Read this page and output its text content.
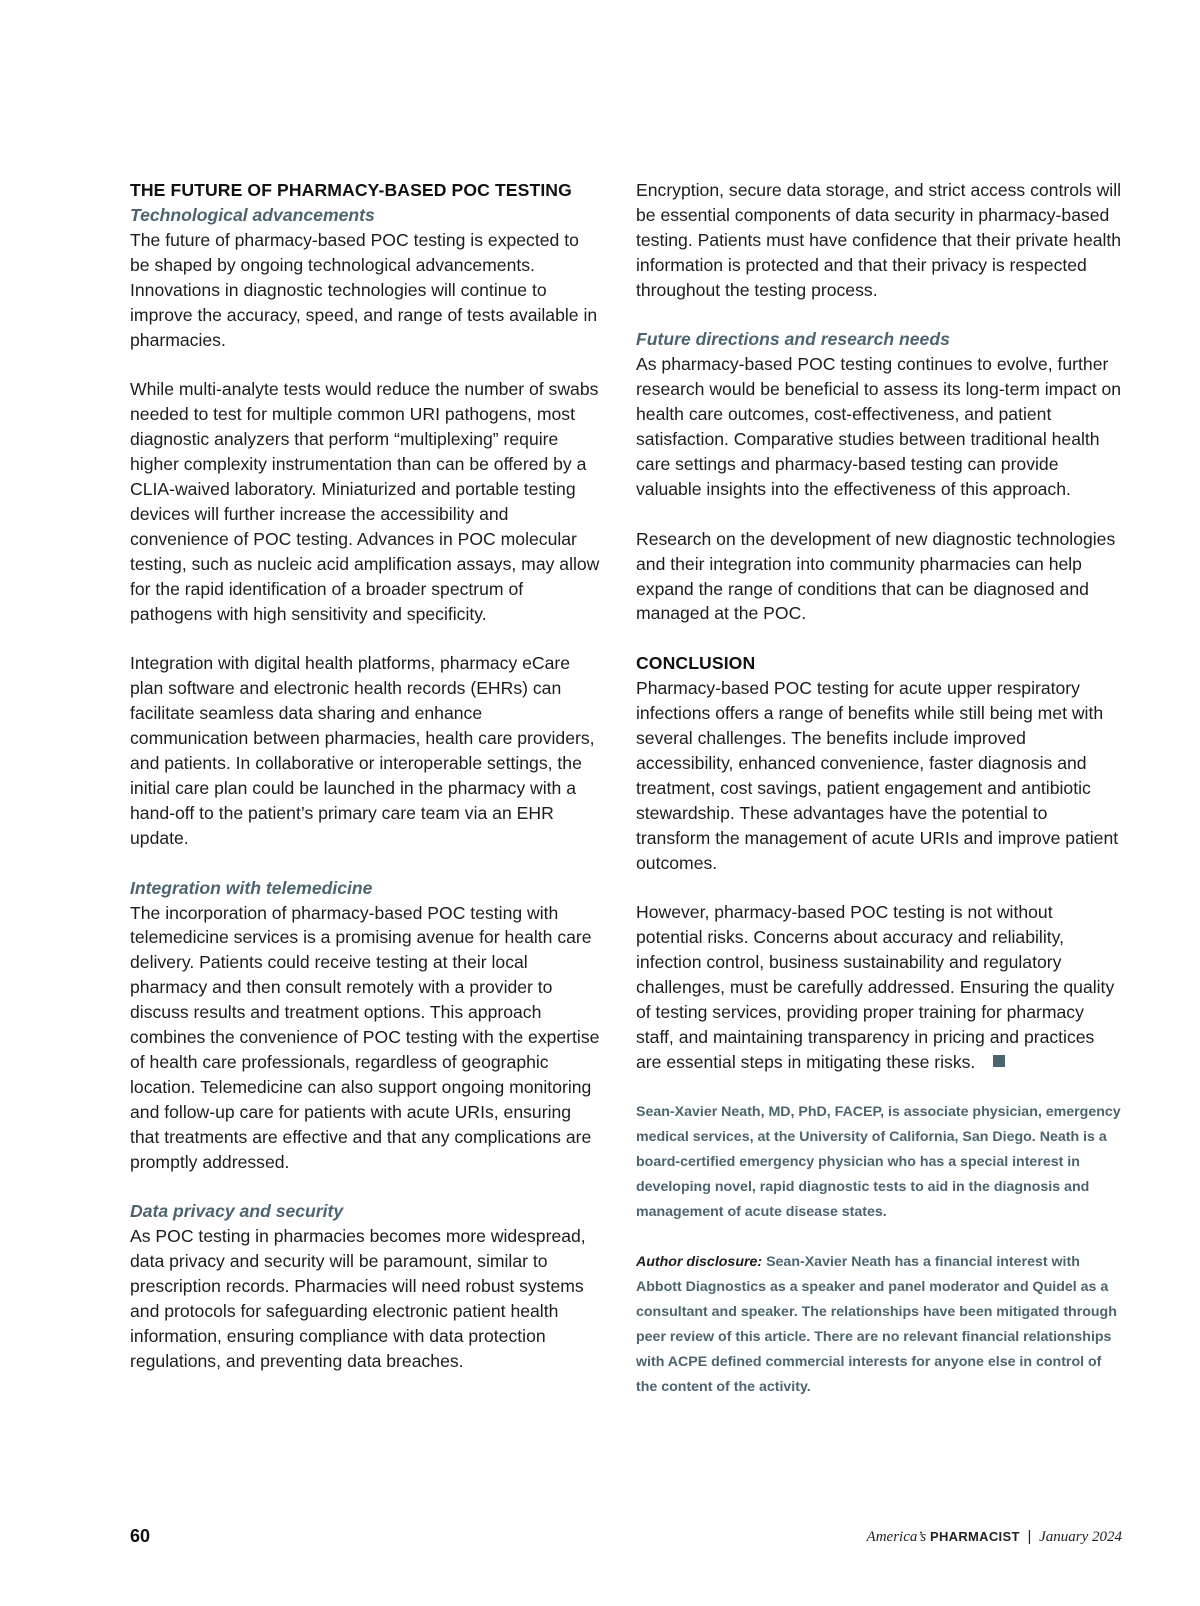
THE FUTURE OF PHARMACY-BASED POC TESTING
Technological advancements

The future of pharmacy-based POC testing is expected to be shaped by ongoing technological advancements. Innovations in diagnostic technologies will continue to improve the accuracy, speed, and range of tests available in pharmacies.

While multi-analyte tests would reduce the number of swabs needed to test for multiple common URI pathogens, most diagnostic analyzers that perform “multiplexing” require higher complexity instrumentation than can be offered by a CLIA-waived laboratory. Miniaturized and portable testing devices will further increase the accessibility and convenience of POC testing. Advances in POC molecular testing, such as nucleic acid amplification assays, may allow for the rapid identification of a broader spectrum of pathogens with high sensitivity and specificity.

Integration with digital health platforms, pharmacy eCare plan software and electronic health records (EHRs) can facilitate seamless data sharing and enhance communication between pharmacies, health care providers, and patients. In collaborative or interoperable settings, the initial care plan could be launched in the pharmacy with a hand-off to the patient’s primary care team via an EHR update.

Integration with telemedicine

The incorporation of pharmacy-based POC testing with telemedicine services is a promising avenue for health care delivery. Patients could receive testing at their local pharmacy and then consult remotely with a provider to discuss results and treatment options. This approach combines the convenience of POC testing with the expertise of health care professionals, regardless of geographic location. Telemedicine can also support ongoing monitoring and follow-up care for patients with acute URIs, ensuring that treatments are effective and that any complications are promptly addressed.

Data privacy and security

As POC testing in pharmacies becomes more widespread, data privacy and security will be paramount, similar to prescription records. Pharmacies will need robust systems and protocols for safeguarding electronic patient health information, ensuring compliance with data protection regulations, and preventing data breaches.

Encryption, secure data storage, and strict access controls will be essential components of data security in pharmacy-based testing. Patients must have confidence that their private health information is protected and that their privacy is respected throughout the testing process.

Future directions and research needs

As pharmacy-based POC testing continues to evolve, further research would be beneficial to assess its long-term impact on health care outcomes, cost-effectiveness, and patient satisfaction. Comparative studies between traditional health care settings and pharmacy-based testing can provide valuable insights into the effectiveness of this approach.

Research on the development of new diagnostic technologies and their integration into community pharmacies can help expand the range of conditions that can be diagnosed and managed at the POC.

CONCLUSION

Pharmacy-based POC testing for acute upper respiratory infections offers a range of benefits while still being met with several challenges. The benefits include improved accessibility, enhanced convenience, faster diagnosis and treatment, cost savings, patient engagement and antibiotic stewardship. These advantages have the potential to transform the management of acute URIs and improve patient outcomes.

However, pharmacy-based POC testing is not without potential risks. Concerns about accuracy and reliability, infection control, business sustainability and regulatory challenges, must be carefully addressed. Ensuring the quality of testing services, providing proper training for pharmacy staff, and maintaining transparency in pricing and practices are essential steps in mitigating these risks.

Sean-Xavier Neath, MD, PhD, FACEP, is associate physician, emergency medical services, at the University of California, San Diego. Neath is a board-certified emergency physician who has a special interest in developing novel, rapid diagnostic tests to aid in the diagnosis and management of acute disease states.

Author disclosure: Sean-Xavier Neath has a financial interest with Abbott Diagnostics as a speaker and panel moderator and Quidel as a consultant and speaker. The relationships have been mitigated through peer review of this article. There are no relevant financial relationships with ACPE defined commercial interests for anyone else in control of the content of the activity.

60	America’s PHARMACIST | January 2024
